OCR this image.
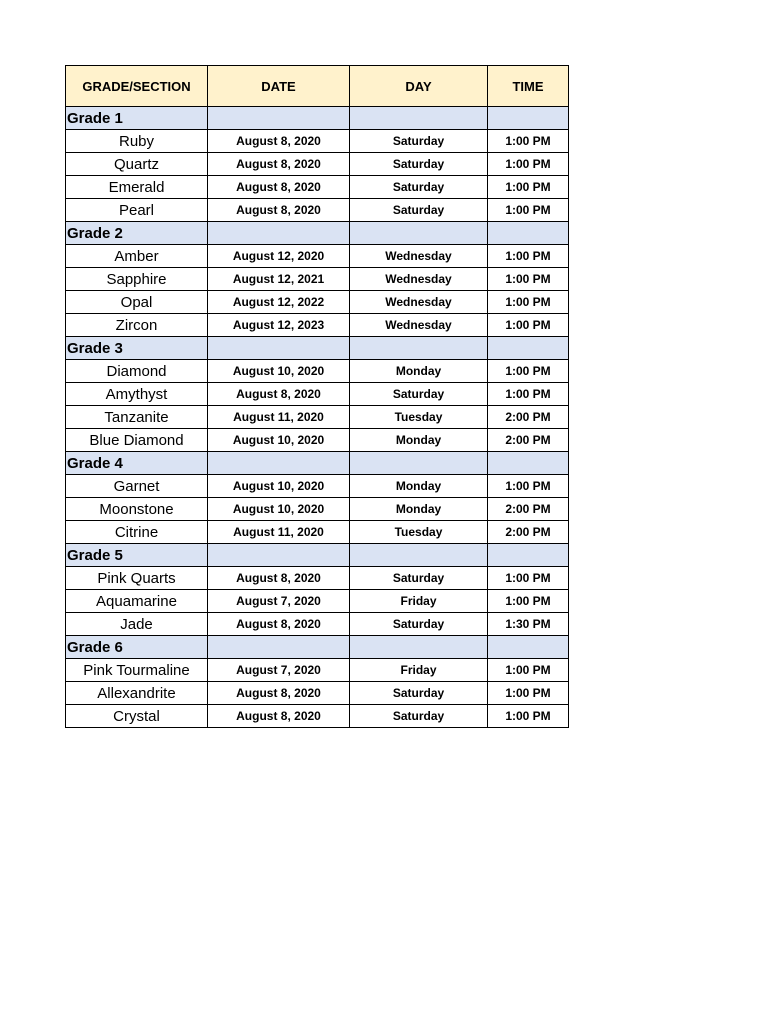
GRADE/SECTION	DATE	DAY	TIME
Grade 1			
Ruby	August 8, 2020	Saturday	1:00 PM
Quartz	August 8, 2020	Saturday	1:00 PM
Emerald	August 8, 2020	Saturday	1:00 PM
Pearl	August 8, 2020	Saturday	1:00 PM
Grade 2			
Amber	August 12, 2020	Wednesday	1:00 PM
Sapphire	August 12, 2021	Wednesday	1:00 PM
Opal	August 12, 2022	Wednesday	1:00 PM
Zircon	August 12, 2023	Wednesday	1:00 PM
Grade 3			
Diamond	August 10, 2020	Monday	1:00 PM
Amythyst	August 8, 2020	Saturday	1:00 PM
Tanzanite	August 11, 2020	Tuesday	2:00 PM
Blue Diamond	August 10, 2020	Monday	2:00 PM
Grade 4			
Garnet	August 10, 2020	Monday	1:00 PM
Moonstone	August 10, 2020	Monday	2:00 PM
Citrine	August 11, 2020	Tuesday	2:00 PM
Grade 5			
Pink Quarts	August 8, 2020	Saturday	1:00 PM
Aquamarine	August 7, 2020	Friday	1:00 PM
Jade	August 8, 2020	Saturday	1:30 PM
Grade 6			
Pink Tourmaline	August 7, 2020	Friday	1:00 PM
Allexandrite	August 8, 2020	Saturday	1:00 PM
Crystal	August 8, 2020	Saturday	1:00 PM
